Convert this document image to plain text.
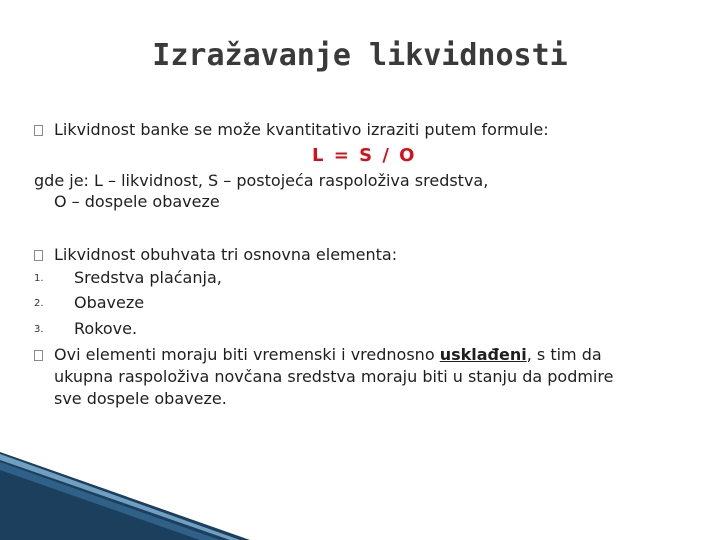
Izražavanje likvidnosti
Likvidnost banke se može kvantitativo izraziti putem formule:
L = S / O
gde je: L – likvidnost, S – postojeća raspoloživa sredstva,
O – dospele obaveze
Likvidnost obuhvata tri osnovna elementa:
1. Sredstva plaćanja,
2. Obaveze
3. Rokove.
Ovi elementi moraju biti vremenski i vrednosno usklađeni, s tim da
ukupna raspoloživa novčana sredstva moraju biti u stanju da podmire
sve dospele obaveze.
